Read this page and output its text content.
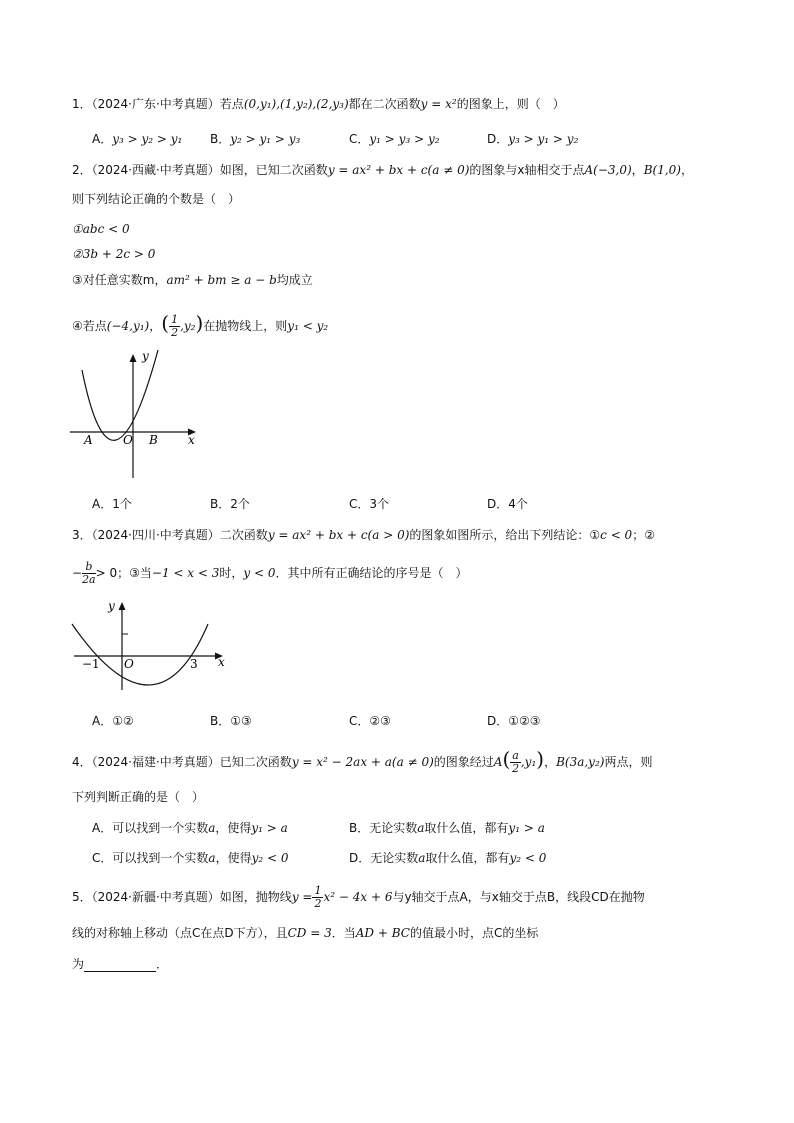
1．（2024·广东·中考真题）若点(0,y₁),(1,y₂),(2,y₃)都在二次函数y = x²的图象上，则（　）
A．y₃ > y₂ > y₁ B．y₂ > y₁ > y₃	C．y₁ > y₃ > y₂	D．y₃ > y₁ > y₂
2．（2024·西藏·中考真题）如图，已知二次函数y = ax² + bx + c(a ≠ 0)的图象与x轴相交于点A(−3,0)，B(1,0)，
则下列结论正确的个数是（　）
①abc < 0
②3b + 2c > 0
③对任意实数m，am² + bm ≥ a − b均成立
④若点(−4,y₁)，( $\frac{1}{2} ,y_2$)在抛物线上，则y₁ < y₂
y
x
A	O B
A．1个	B．2个	C．3个	D．4个
3．（2024·四川·中考真题）二次函数y = ax² + bx + c(a > 0)的图象如图所示，给出下列结论：①c < 0；②
− $\frac{b}{2a} > 0$；③当−1 < x < 3时，y < 0．其中所有正确结论的序号是（　）
y
x
O
−1	3
A．①②	B．①③	C．②③	D．①②③
4．（2024·福建·中考真题）已知二次函数y = x² − 2ax + a(a ≠ 0)的图象经过$A( \frac{a}{2} ,y_1)$，B(3a,y₂)两点，则
下列判断正确的是（　）
A．可以找到一个实数a，使得y₁ > a	B．无论实数a取什么值，都有y₁ > a
C．可以找到一个实数a，使得y₂ < 0	D．无论实数a取什么值，都有y₂ < 0
5．（2024·新疆·中考真题）如图，抛物线$y = \frac{1}{2} x^2 - 4x + 6$与y轴交于点A，与x轴交于点B，线段CD在抛物
线的对称轴上移动（点C在点D下方），且CD = 3．当AD + BC的值最小时，点C的坐标
为	．
